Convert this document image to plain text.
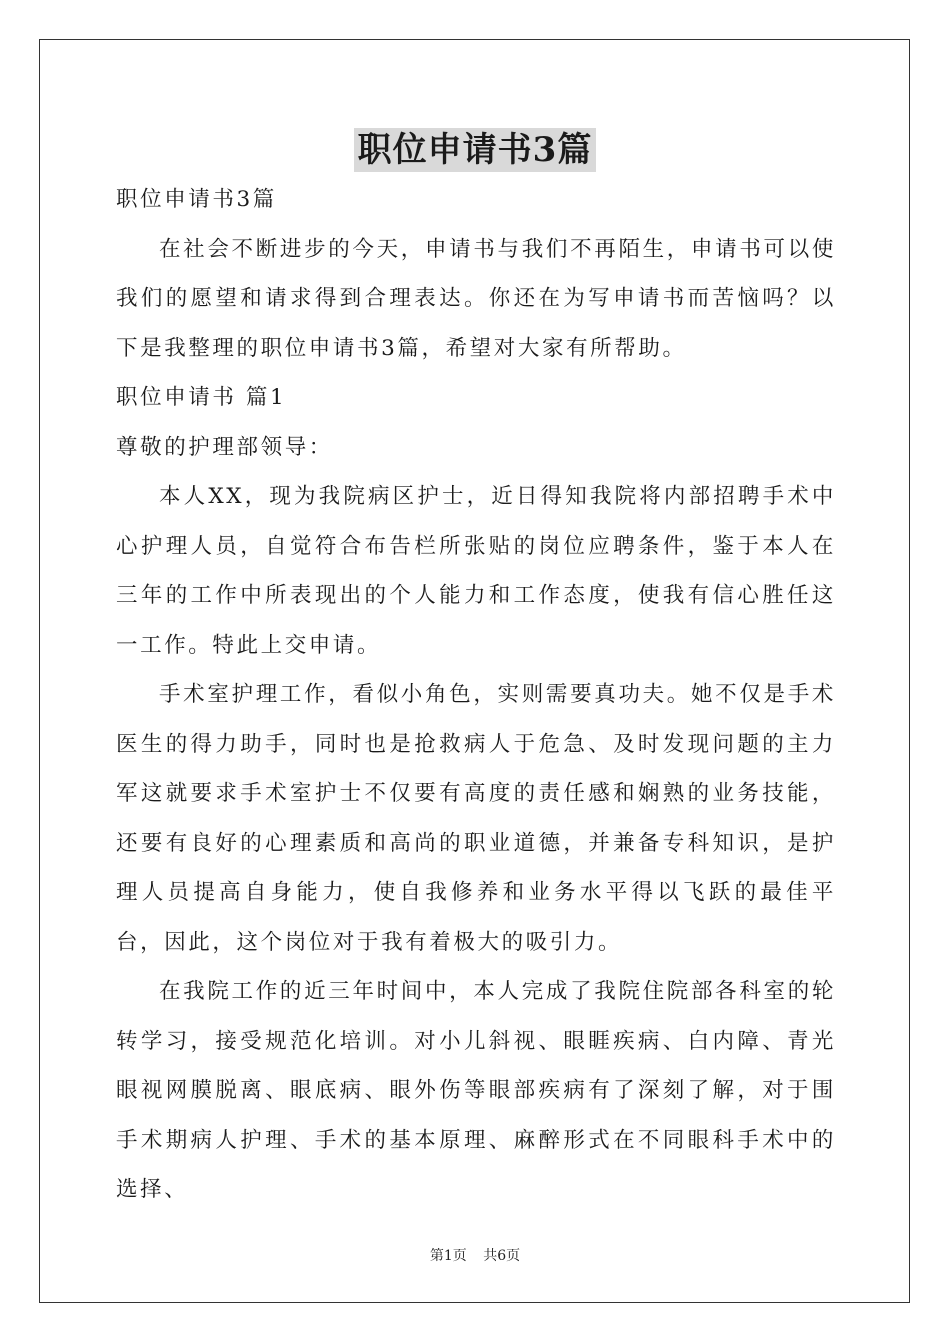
职位申请书3篇

职位申请书3篇

在社会不断进步的今天，申请书与我们不再陌生，申请书可以使我们的愿望和请求得到合理表达。你还在为写申请书而苦恼吗？以下是我整理的职位申请书3篇，希望对大家有所帮助。

职位申请书 篇1

尊敬的护理部领导：

本人XX，现为我院病区护士，近日得知我院将内部招聘手术中心护理人员，自觉符合布告栏所张贴的岗位应聘条件，鉴于本人在三年的工作中所表现出的个人能力和工作态度，使我有信心胜任这一工作。特此上交申请。

手术室护理工作，看似小角色，实则需要真功夫。她不仅是手术医生的得力助手，同时也是抢救病人于危急、及时发现问题的主力军这就要求手术室护士不仅要有高度的责任感和娴熟的业务技能，还要有良好的心理素质和高尚的职业道德，并兼备专科知识，是护理人员提高自身能力，使自我修养和业务水平得以飞跃的最佳平台，因此，这个岗位对于我有着极大的吸引力。

在我院工作的近三年时间中，本人完成了我院住院部各科室的轮转学习，接受规范化培训。对小儿斜视、眼睚疾病、白内障、青光眼视网膜脱离、眼底病、眼外伤等眼部疾病有了深刻了解，对于围手术期病人护理、手术的基本原理、麻醉形式在不同眼科手术中的选择、

第1页 共6页
